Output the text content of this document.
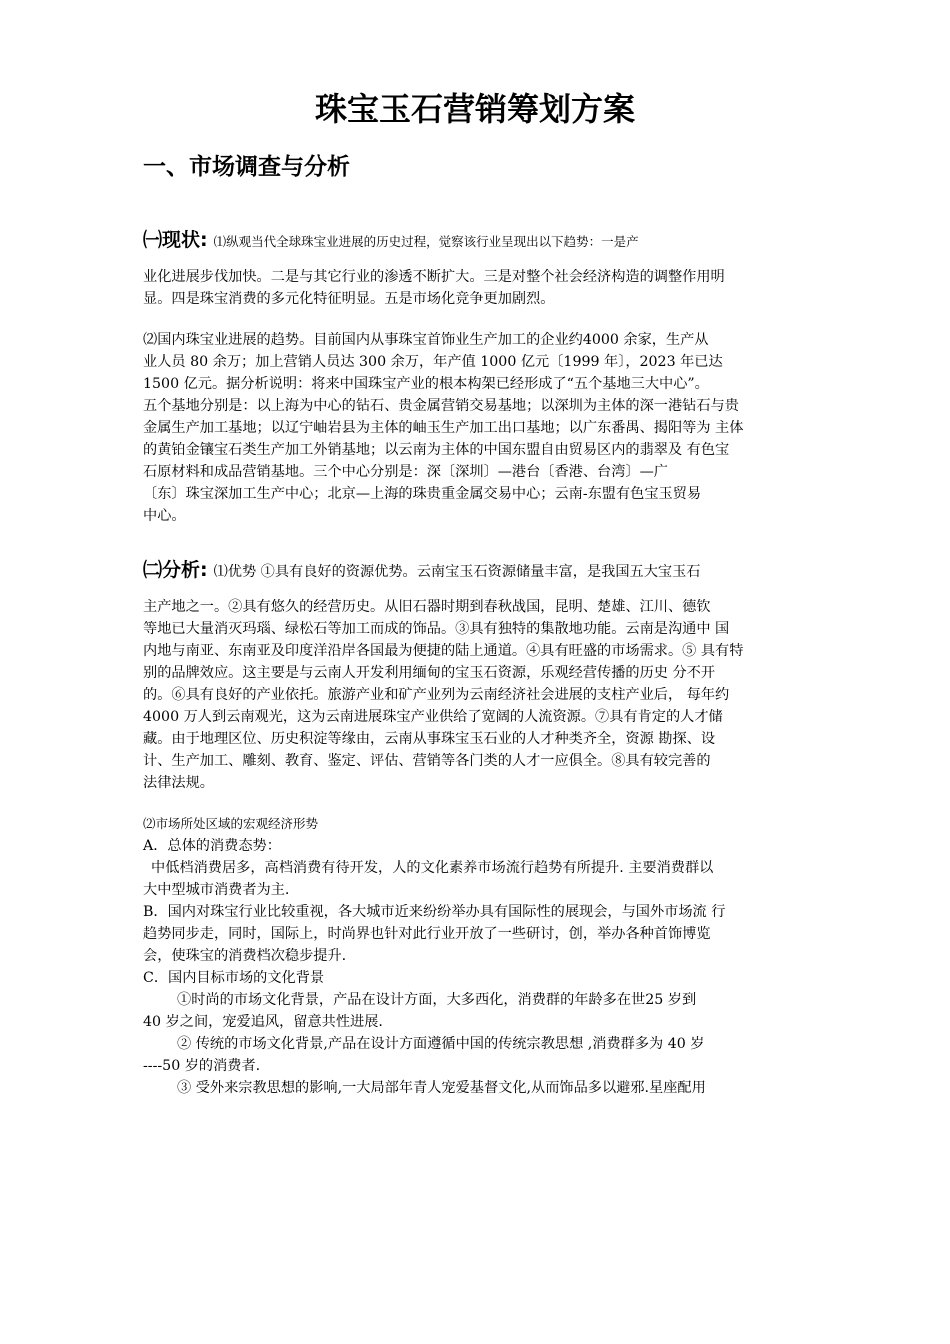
珠宝玉石营销筹划方案
一、市场调查与分析
㈠现状: ⑴纵观当代全球珠宝业进展的历史过程，觉察该行业呈现出以下趋势：一是产
业化进展步伐加快。二是与其它行业的渗透不断扩大。三是对整个社会经济构造的调整作用明
显。四是珠宝消费的多元化特征明显。五是市场化竞争更加剧烈。
⑵国内珠宝业进展的趋势。目前国内从事珠宝首饰业生产加工的企业约4000 余家，生产从
业人员 80 余万；加上营销人员达 300 余万，年产值 1000 亿元〔1999 年〕，2023 年已达
1500 亿元。据分析说明：将来中国珠宝产业的根本构架已经形成了“五个基地三大中心”。
五个基地分别是：以上海为中心的钻石、贵金属营销交易基地；以深圳为主体的深一港钻石与贵
金属生产加工基地；以辽宁岫岩县为主体的岫玉生产加工出口基地；以广东番禺、揭阳等为 主体
的黄铂金镶宝石类生产加工外销基地；以云南为主体的中国东盟自由贸易区内的翡翠及 有色宝
石原材料和成品营销基地。三个中心分别是：深〔深圳〕—港台〔香港、台湾〕—广
〔东〕珠宝深加工生产中心；北京—上海的珠贵重金属交易中心；云南-东盟有色宝玉贸易
中心。
㈡分析: ⑴优势 ①具有良好的资源优势。云南宝玉石资源储量丰富，是我国五大宝玉石
主产地之一。②具有悠久的经营历史。从旧石器时期到春秋战国，昆明、楚雄、江川、德钦
等地已大量消灭玛瑙、绿松石等加工而成的饰品。③具有独特的集散地功能。云南是沟通中 国
内地与南亚、东南亚及印度洋沿岸各国最为便捷的陆上通道。④具有旺盛的市场需求。⑤ 具有特
别的品牌效应。这主要是与云南人开发利用缅甸的宝玉石资源，乐观经营传播的历史 分不开
的。⑥具有良好的产业依托。旅游产业和矿产业列为云南经济社会进展的支柱产业后， 每年约
4000 万人到云南观光，这为云南进展珠宝产业供给了宽阔的人流资源。⑦具有肯定的人才储
藏。由于地理区位、历史积淀等缘由，云南从事珠宝玉石业的人才种类齐全，资源 勘探、设
计、生产加工、雕刻、教育、鉴定、评估、营销等各门类的人才一应俱全。⑧具有较完善的
法律法规。
⑵市场所处区域的宏观经济形势
A．总体的消费态势：
中低档消费居多，高档消费有待开发，人的文化素养市场流行趋势有所提升. 主要消费群以
大中型城市消费者为主.
B．国内对珠宝行业比较重视，各大城市近来纷纷举办具有国际性的展现会，与国外市场流 行
趋势同步走，同时，国际上，时尚界也针对此行业开放了一些研讨，创，举办各种首饰博览
会，使珠宝的消费档次稳步提升.
C．国内目标市场的文化背景
①时尚的市场文化背景，产品在设计方面，大多西化，消费群的年龄多在世25 岁到
40 岁之间，宠爱追风，留意共性进展.
② 传统的市场文化背景,产品在设计方面遵循中国的传统宗教思想 ,消费群多为 40 岁
----50 岁的消费者.
③ 受外来宗教思想的影响,一大局部年青人宠爱基督文化,从而饰品多以避邪.星座配用
